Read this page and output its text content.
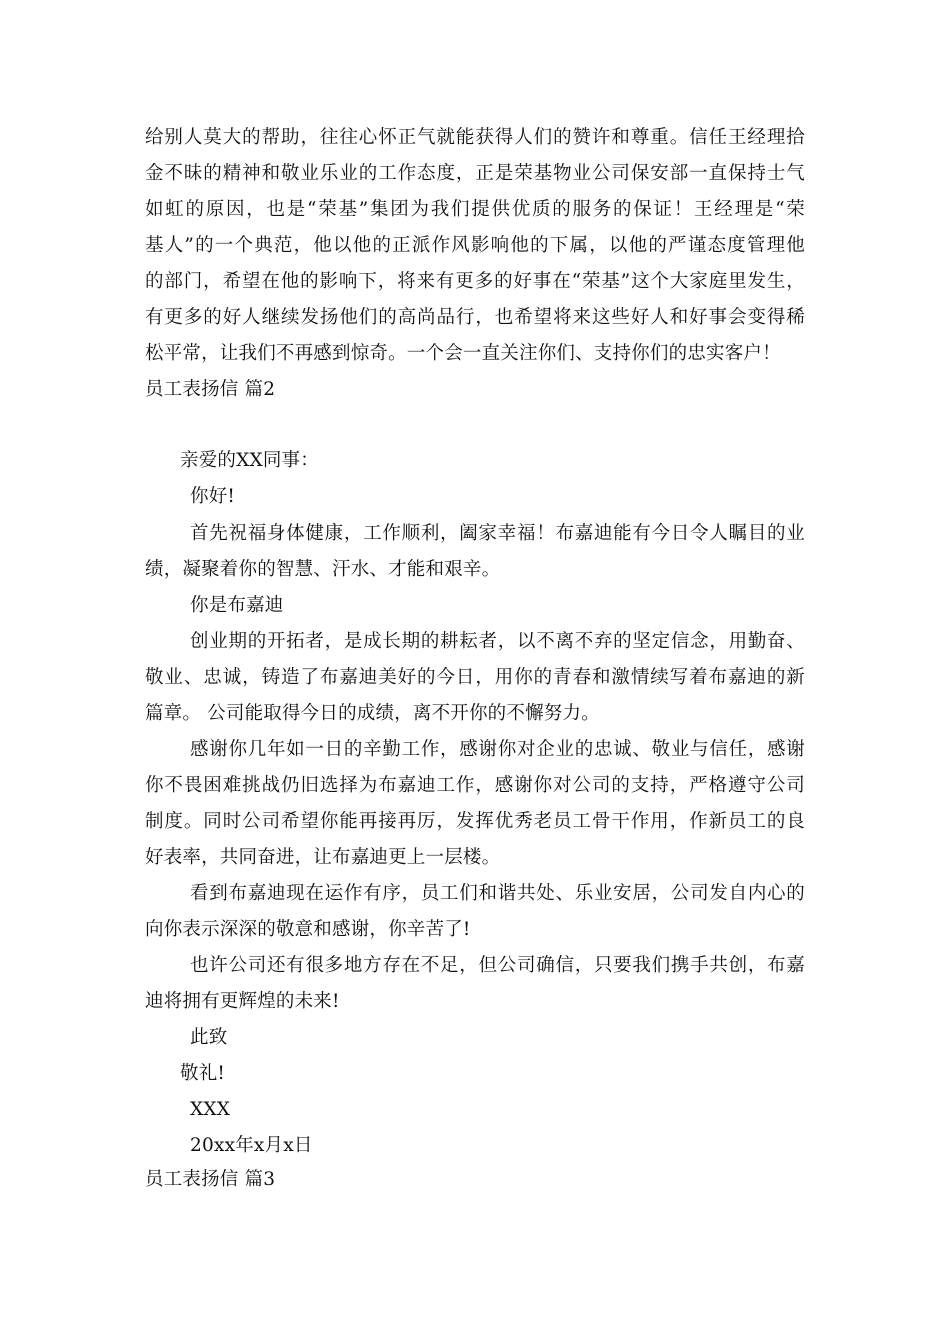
给别人莫大的帮助，往往心怀正气就能获得人们的赞许和尊重。信任王经理拾
金不昧的精神和敬业乐业的工作态度，正是荣基物业公司保安部一直保持士气
如虹的原因，也是“荣基”集团为我们提供优质的服务的保证！王经理是“荣
基人”的一个典范，他以他的正派作风影响他的下属，以他的严谨态度管理他
的部门，希望在他的影响下，将来有更多的好事在“荣基”这个大家庭里发生，
有更多的好人继续发扬他们的高尚品行，也希望将来这些好人和好事会变得稀
松平常，让我们不再感到惊奇。一个会一直关注你们、支持你们的忠实客户！
员工表扬信 篇2
亲爱的XX同事：
你好!
首先祝福身体健康，工作顺利，阖家幸福！布嘉迪能有今日令人瞩目的业
绩，凝聚着你的智慧、汗水、才能和艰辛。
你是布嘉迪
创业期的开拓者，是成长期的耕耘者，以不离不弃的坚定信念，用勤奋、
敬业、忠诚，铸造了布嘉迪美好的今日，用你的青春和激情续写着布嘉迪的新
篇章。 公司能取得今日的成绩，离不开你的不懈努力。
感谢你几年如一日的辛勤工作，感谢你对企业的忠诚、敬业与信任，感谢
你不畏困难挑战仍旧选择为布嘉迪工作，感谢你对公司的支持，严格遵守公司
制度。同时公司希望你能再接再厉，发挥优秀老员工骨干作用，作新员工的良
好表率，共同奋进，让布嘉迪更上一层楼。
看到布嘉迪现在运作有序，员工们和谐共处、乐业安居，公司发自内心的
向你表示深深的敬意和感谢，你辛苦了!
也许公司还有很多地方存在不足，但公司确信，只要我们携手共创，布嘉
迪将拥有更辉煌的未来!
此致
敬礼!
XXX
20xx年x月x日
员工表扬信 篇3
